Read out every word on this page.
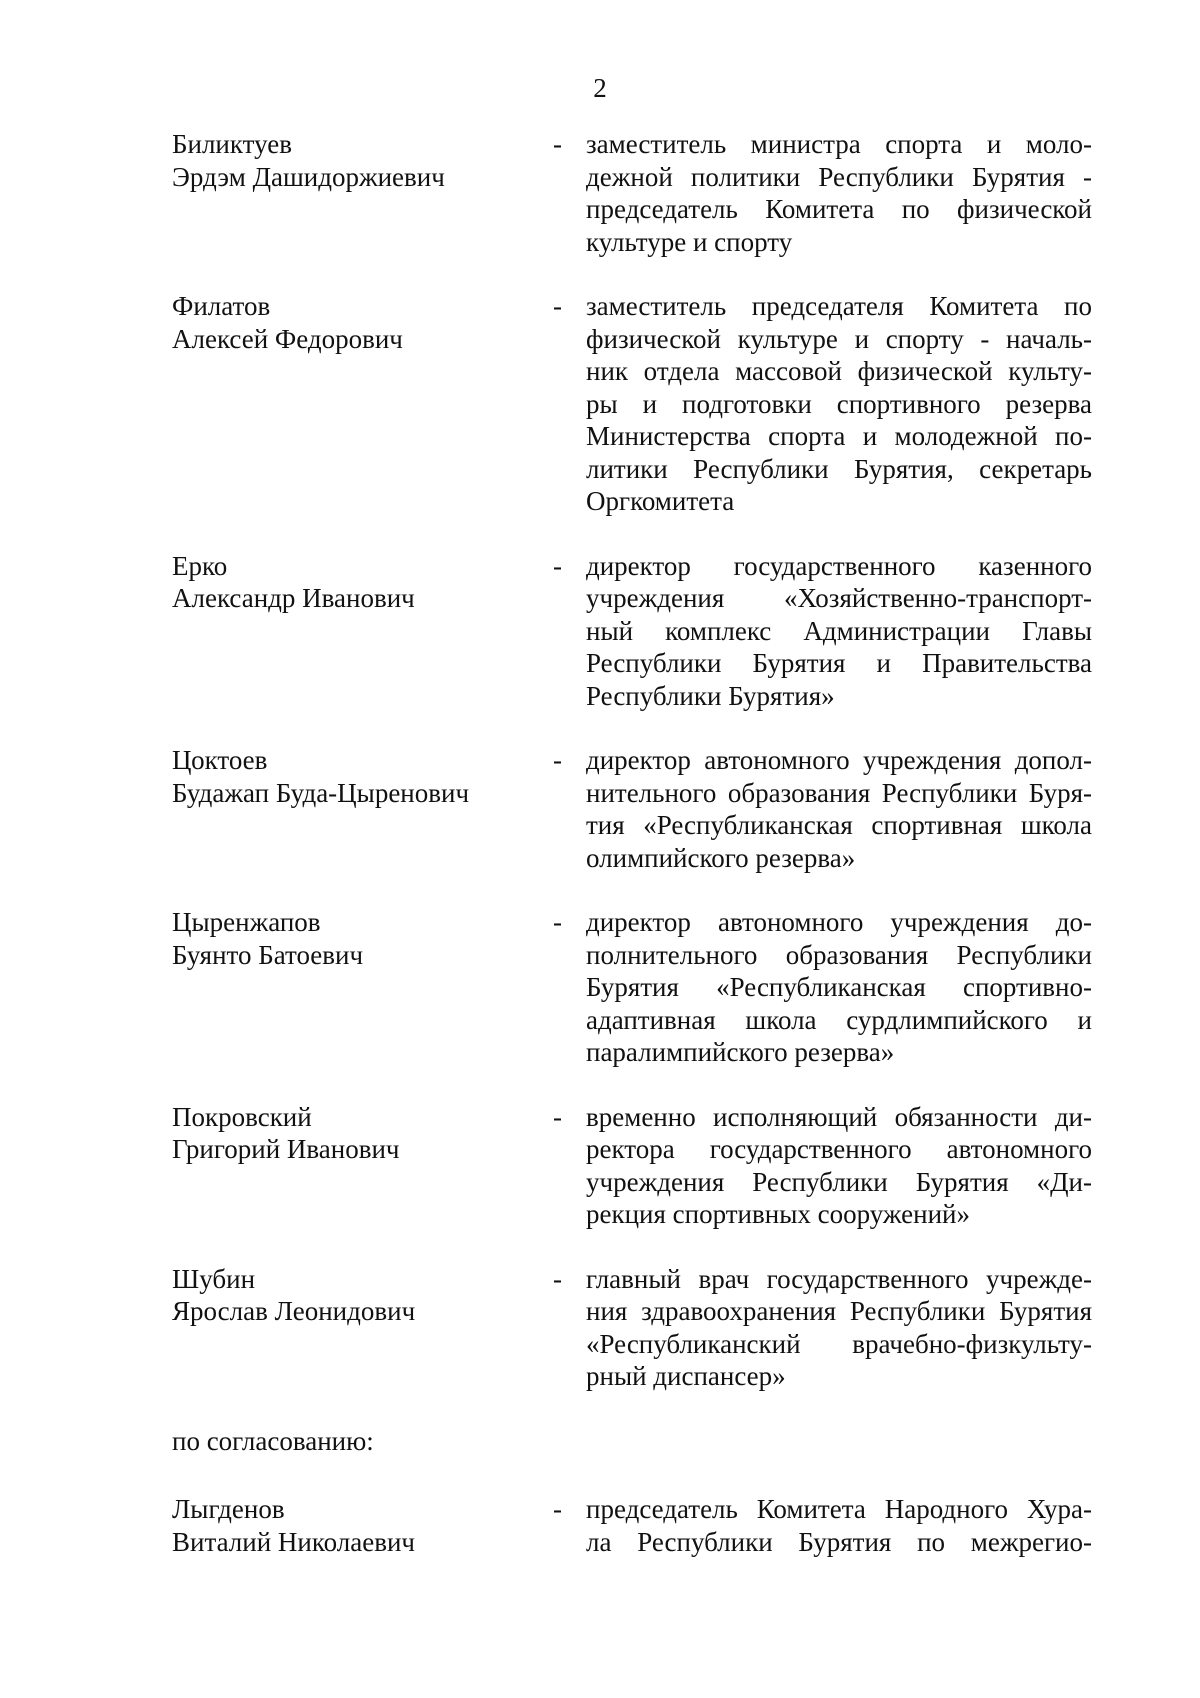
2
Биликтуев
Эрдэм Дашидоржиевич
- заместитель министра спорта и моло-
дежной политики Республики Бурятия -
председатель Комитета по физической
культуре и спорту
Филатов
Алексей Федорович
- заместитель председателя Комитета по
физической культуре и спорту - началь-
ник отдела массовой физической культу-
ры и подготовки спортивного резерва
Министерства спорта и молодежной по-
литики Республики Бурятия, секретарь
Оргкомитета
Ерко
Александр Иванович
- директор государственного казенного
учреждения «Хозяйственно-транспорт-
ный комплекс Администрации Главы
Республики Бурятия и Правительства
Республики Бурятия»
Цоктоев
Будажап Буда-Цыренович
- директор автономного учреждения допол-
нительного образования Республики Буря-
тия «Республиканская спортивная школа
олимпийского резерва»
Цыренжапов
Буянто Батоевич
- директор автономного учреждения до-
полнительного образования Республики
Бурятия «Республиканская спортивно-
адаптивная школа сурдлимпийского и
паралимпийского резерва»
Покровский
Григорий Иванович
- временно исполняющий обязанности ди-
ректора государственного автономного
учреждения Республики Бурятия «Ди-
рекция спортивных сооружений»
Шубин
Ярослав Леонидович
- главный врач государственного учрежде-
ния здравоохранения Республики Бурятия
«Республиканский врачебно-физкульту-
рный диспансер»
по согласованию:
Лыгденов
Виталий Николаевич
- председатель Комитета Народного Хура-
ла Республики Бурятия по межрегио-
